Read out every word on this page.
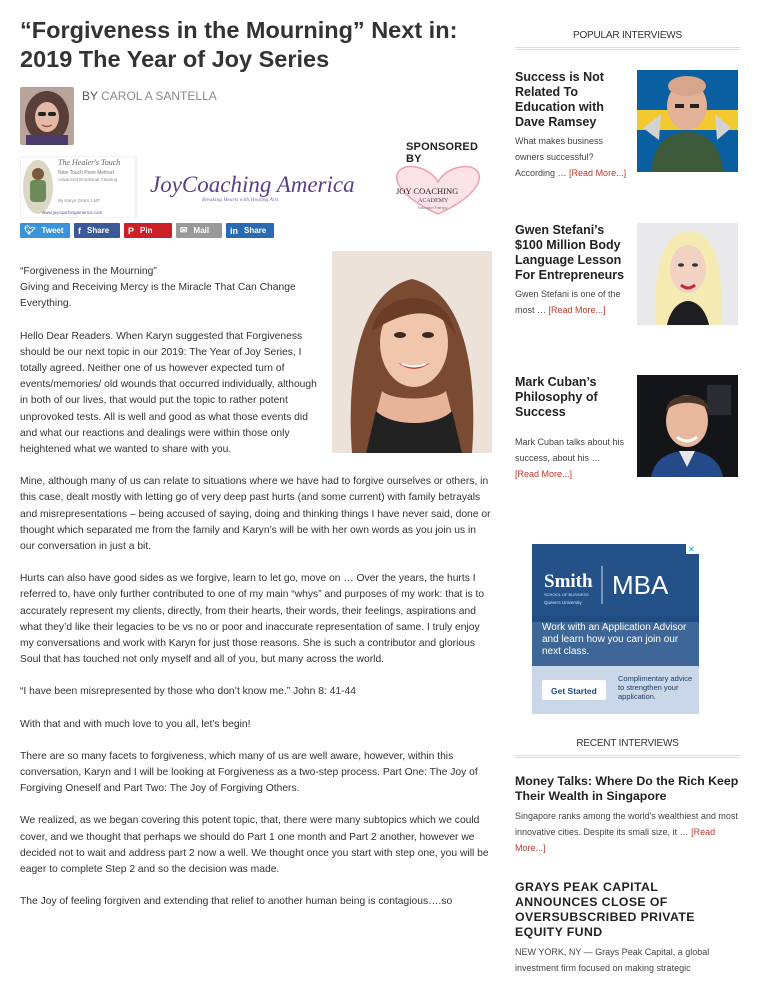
“Forgiveness in the Mourning” Next in: 2019 The Year of Joy Series
BY CAROL A SANTELLA
SPONSORED BY
The Healer's Touch
Nine Touch Point Method
Advanced Emotional Clearing
By Karyn Grant, LMT
www.joycoachingamerica.com
JoyCoaching America
Breaking Hearts with Healing Arts
JOY COACHING
ACADEMY
Education Therapy
🐦︎ Tweet f Share P Pin	✉ Mail in Share

“Forgiveness in the Mourning”
Giving and Receiving Mercy is the Miracle That Can Change Everything.

Hello Dear Readers. When Karyn suggested that Forgiveness should be our next topic in our 2019: The Year of Joy Series, I totally agreed. Neither one of us however expected turn of events/memories/ old wounds that occurred individually, although in both of our lives, that would put the topic to rather potent unprovoked tests. All is well and good as what those events did and what our reactions and dealings were within those only heightened what we wanted to share with you.

Mine, although many of us can relate to situations where we have had to forgive ourselves or others, in this case, dealt mostly with letting go of very deep past hurts (and some current) with family betrayals and misrepresentations – being accused of saying, doing and thinking things I have never said, done or thought which separated me from the family and Karyn’s will be with her own words as you join us in our conversation in just a bit.

Hurts can also have good sides as we forgive, learn to let go, move on … Over the years, the hurts I referred to, have only further contributed to one of my main “whys” and purposes of my work: that is to accurately represent my clients, directly, from their hearts, their words, their feelings, aspirations and what they’d like their legacies to be vs no or poor and inaccurate representation of same. I truly enjoy my conversations and work with Karyn for just those reasons. She is such a contributor and glorious Soul that has touched not only myself and all of you, but many across the world.

“I have been misrepresented by those who don’t know me.” John 8: 41-44

With that and with much love to you all, let’s begin!

There are so many facets to forgiveness, which many of us are well aware, however, within this conversation, Karyn and I will be looking at Forgiveness as a two-step process. Part One: The Joy of Forgiving Oneself and Part Two: The Joy of Forgiving Others.

We realized, as we began covering this potent topic, that, there were many subtopics which we could cover, and we thought that perhaps we should do Part 1 one month and Part 2 another, however we decided not to wait and address part 2 now a well. We thought once you start with step one, you will be eager to complete Step 2 and so the decision was made.

The Joy of feeling forgiven and extending that relief to another human being is contagious….so

POPULAR INTERVIEWS
Success is Not Related To Education with Dave Ramsey
What makes business owners successful? According … [Read More...]
Gwen Stefani’s $100 Million Body Language Lesson For Entrepreneurs
Gwen Stefani is one of the most … [Read More...]
Mark Cuban’s Philosophy of Success
Mark Cuban talks about his success, about his … [Read More...]
✕
Smith
SCHOOL OF BUSINESS
Queen's University
MBA
Work with an Application Advisor and learn how you can join our next class.
Get Started
Complimentary advice to strengthen your application.
RECENT INTERVIEWS
Money Talks: Where Do the Rich Keep Their Wealth in Singapore
Singapore ranks among the world's wealthiest and most innovative cities. Despite its small size, it … [Read More...]
GRAYS PEAK CAPITAL ANNOUNCES CLOSE OF OVERSUBSCRIBED PRIVATE EQUITY FUND
NEW YORK, NY — Grays Peak Capital, a global investment firm focused on making strategic
